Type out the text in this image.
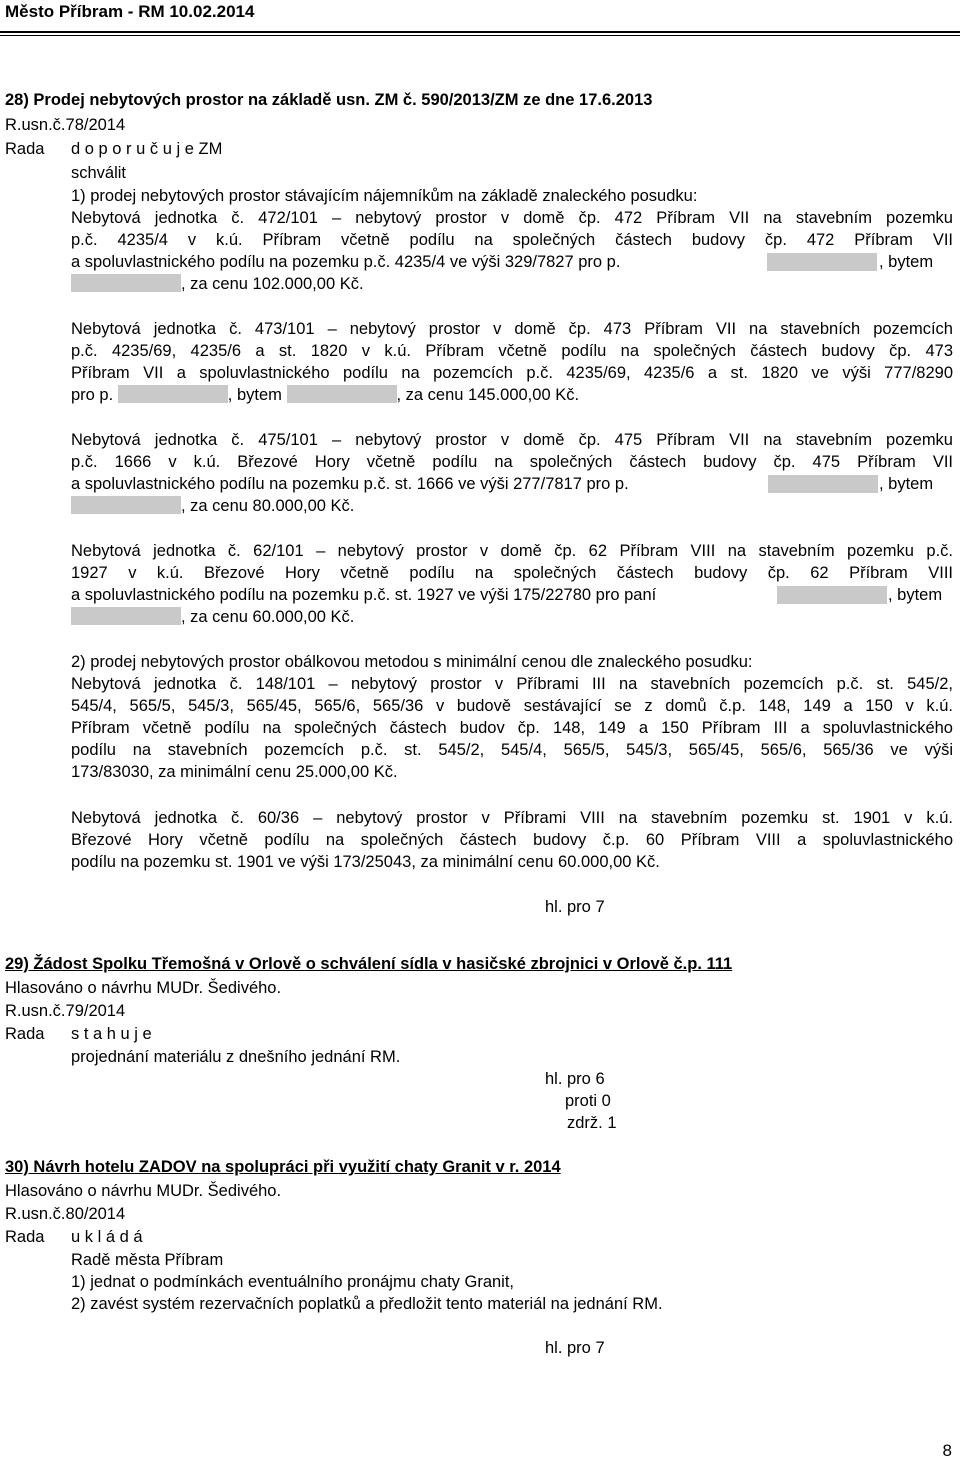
Město Příbram - RM 10.02.2014
28) Prodej nebytových prostor na základě usn. ZM č. 590/2013/ZM ze dne 17.6.2013
R.usn.č.78/2014
Rada d o p o r u č u j e ZM
schválit
1) prodej nebytových prostor stávajícím nájemníkům na základě znaleckého posudku:
Nebytová jednotka č. 472/101 – nebytový prostor v domě čp. 472 Příbram VII na stavebním pozemku
p.č. 4235/4 v k.ú. Příbram včetně podílu na společných částech budovy čp. 472 Příbram VII
a spoluvlastnického podílu na pozemku p.č. 4235/4 ve výši 329/7827 pro p.	, bytem
, za cenu 102.000,00 Kč.
Nebytová jednotka č. 473/101 – nebytový prostor v domě čp. 473 Příbram VII na stavebních pozemcích
p.č. 4235/69, 4235/6 a st. 1820 v k.ú. Příbram včetně podílu na společných částech budovy čp. 473
Příbram VII a spoluvlastnického podílu na pozemcích p.č. 4235/69, 4235/6 a st. 1820 ve výši 777/8290
pro p.	, bytem	, za cenu 145.000,00 Kč.
Nebytová jednotka č. 475/101 – nebytový prostor v domě čp. 475 Příbram VII na stavebním pozemku
p.č. 1666 v k.ú. Březové Hory včetně podílu na společných částech budovy čp. 475 Příbram VII
a spoluvlastnického podílu na pozemku p.č. st. 1666 ve výši 277/7817 pro p.	, bytem
, za cenu 80.000,00 Kč.
Nebytová jednotka č. 62/101 – nebytový prostor v domě čp. 62 Příbram VIII na stavebním pozemku p.č.
1927 v k.ú. Březové Hory včetně podílu na společných částech budovy čp. 62 Příbram VIII
a spoluvlastnického podílu na pozemku p.č. st. 1927 ve výši 175/22780 pro paní	, bytem
, za cenu 60.000,00 Kč.
2) prodej nebytových prostor obálkovou metodou s minimální cenou dle znaleckého posudku:
Nebytová jednotka č. 148/101 – nebytový prostor v Příbrami III na stavebních pozemcích p.č. st. 545/2,
545/4, 565/5, 545/3, 565/45, 565/6, 565/36 v budově sestávající se z domů č.p. 148, 149 a 150 v k.ú.
Příbram včetně podílu na společných částech budov čp. 148, 149 a 150 Příbram III a spoluvlastnického
podílu na stavebních pozemcích p.č. st. 545/2, 545/4, 565/5, 545/3, 565/45, 565/6, 565/36 ve výši
173/83030, za minimální cenu 25.000,00 Kč.
Nebytová jednotka č. 60/36 – nebytový prostor v Příbrami VIII na stavebním pozemku st. 1901 v k.ú.
Březové Hory včetně podílu na společných částech budovy č.p. 60 Příbram VIII a spoluvlastnického
podílu na pozemku st. 1901 ve výši 173/25043, za minimální cenu 60.000,00 Kč.
hl. pro 7
29) Žádost Spolku Třemošná v Orlově o schválení sídla v hasičské zbrojnici v Orlově č.p. 111
Hlasováno o návrhu MUDr. Šedivého.
R.usn.č.79/2014
Rada s t a h u j e
projednání materiálu z dnešního jednání RM.
hl. pro 6
proti 0
zdrž. 1
30) Návrh hotelu ZADOV na spolupráci při využití chaty Granit v r. 2014
Hlasováno o návrhu MUDr. Šedivého.
R.usn.č.80/2014
Rada u k l á d á
Radě města Příbram
1) jednat o podmínkách eventuálního pronájmu chaty Granit,
2) zavést systém rezervačních poplatků a předložit tento materiál na jednání RM.
hl. pro 7
8
